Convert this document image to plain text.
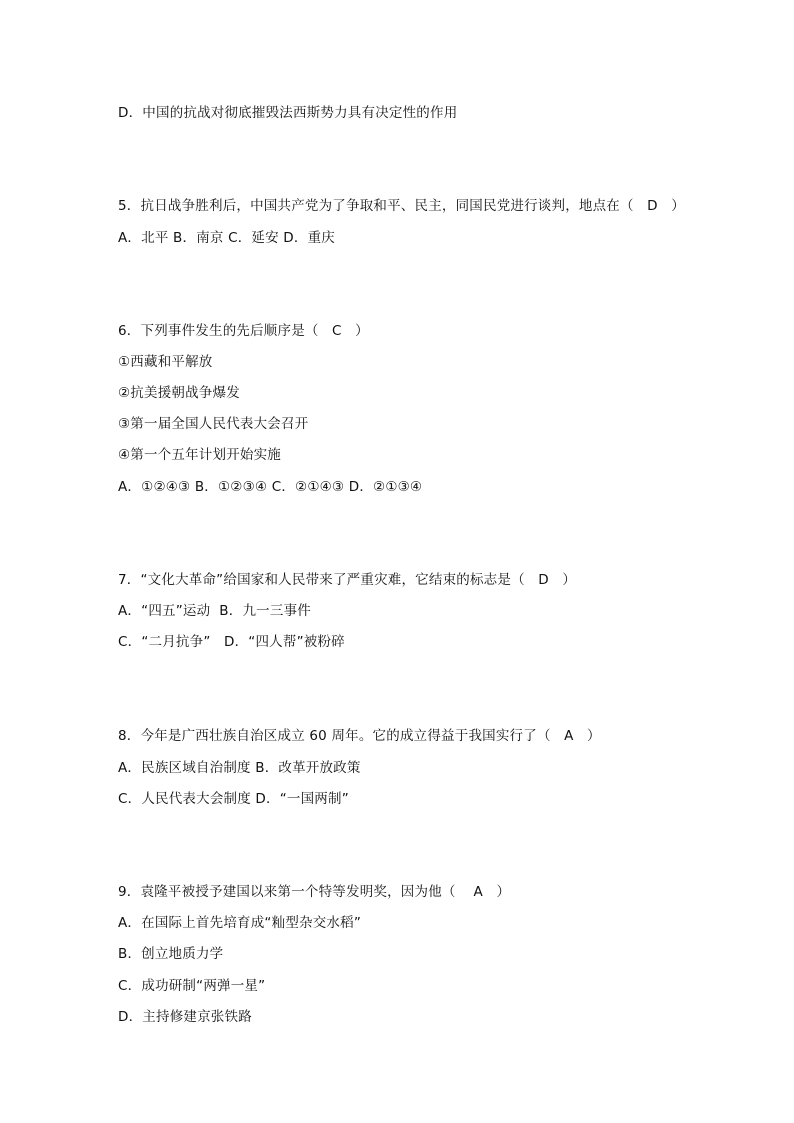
D．中国的抗战对彻底摧毁法西斯势力具有决定性的作用
5．抗日战争胜利后，中国共产党为了争取和平、民主，同国民党进行谈判，地点在（   D   ）
A．北平 B．南京 C．延安 D．重庆
6．下列事件发生的先后顺序是（   C   ）
①西藏和平解放
②抗美援朝战争爆发
③第一届全国人民代表大会召开
④第一个五年计划开始实施
A．①②④③ B．①②③④ C．②①④③ D．②①③④
7．“文化大革命”给国家和人民带来了严重灾难，它结束的标志是（   D   ）
A．“四五”运动  B．九一三事件
C．“二月抗争”   D．“四人帮”被粉碎
8．今年是广西壮族自治区成立 60 周年。它的成立得益于我国实行了（   A   ）
A．民族区域自治制度 B．改革开放政策
C．人民代表大会制度 D．“一国两制”
9．袁隆平被授予建国以来第一个特等发明奖，因为他（    A   ）
A．在国际上首先培育成“籼型杂交水稻”
B．创立地质力学
C．成功研制“两弹一星”
D．主持修建京张铁路
